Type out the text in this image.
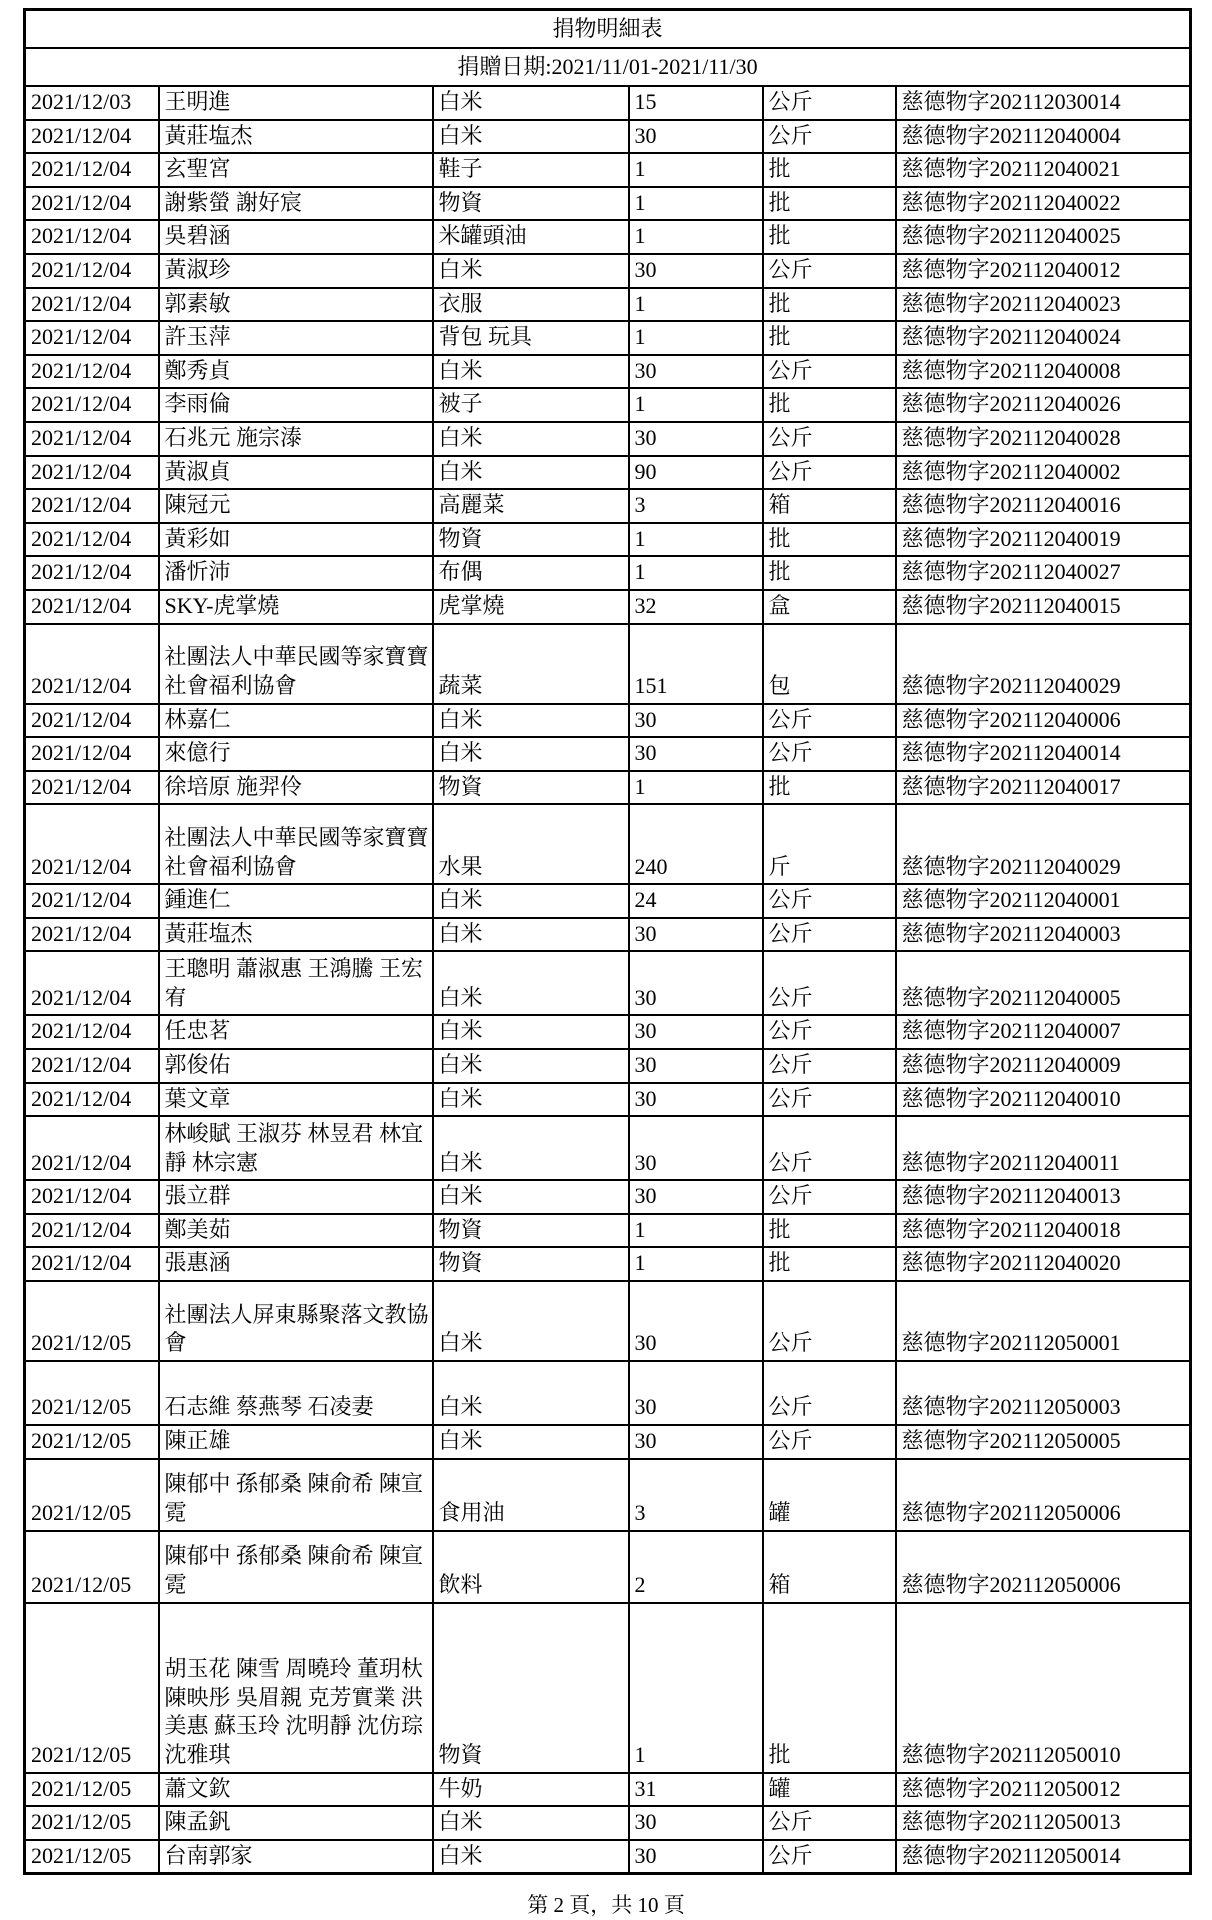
捐物明細表					
捐贈日期:2021/11/01-2021/11/30					
2021/12/03	王明進	白米	15	公斤	慈德物字202112030014
2021/12/04	黃莊塩杰	白米	30	公斤	慈德物字202112040004
2021/12/04	玄聖宮	鞋子	1	批	慈德物字202112040021
2021/12/04	謝紫螢 謝好宸	物資	1	批	慈德物字202112040022
2021/12/04	吳碧涵	米罐頭油	1	批	慈德物字202112040025
2021/12/04	黃淑珍	白米	30	公斤	慈德物字202112040012
2021/12/04	郭素敏	衣服	1	批	慈德物字202112040023
2021/12/04	許玉萍	背包 玩具	1	批	慈德物字202112040024
2021/12/04	鄭秀貞	白米	30	公斤	慈德物字202112040008
2021/12/04	李雨倫	被子	1	批	慈德物字202112040026
2021/12/04	石兆元 施宗溙	白米	30	公斤	慈德物字202112040028
2021/12/04	黃淑貞	白米	90	公斤	慈德物字202112040002
2021/12/04	陳冠元	高麗菜	3	箱	慈德物字202112040016
2021/12/04	黃彩如	物資	1	批	慈德物字202112040019
2021/12/04	潘忻沛	布偶	1	批	慈德物字202112040027
2021/12/04	SKY-虎掌燒	虎掌燒	32	盒	慈德物字202112040015
2021/12/04	社團法人中華民國等家寶寶社會福利協會	蔬菜	151	包	慈德物字202112040029
2021/12/04	林嘉仁	白米	30	公斤	慈德物字202112040006
2021/12/04	來億行	白米	30	公斤	慈德物字202112040014
2021/12/04	徐培原 施羿伶	物資	1	批	慈德物字202112040017
2021/12/04	社團法人中華民國等家寶寶社會福利協會	水果	240	斤	慈德物字202112040029
2021/12/04	鍾進仁	白米	24	公斤	慈德物字202112040001
2021/12/04	黃莊塩杰	白米	30	公斤	慈德物字202112040003
2021/12/04	王聰明 蕭淑惠 王鴻騰 王宏宥	白米	30	公斤	慈德物字202112040005
2021/12/04	任忠茗	白米	30	公斤	慈德物字202112040007
2021/12/04	郭俊佑	白米	30	公斤	慈德物字202112040009
2021/12/04	葉文章	白米	30	公斤	慈德物字202112040010
2021/12/04	林峻賦 王淑芬 林昱君 林宜靜 林宗憲	白米	30	公斤	慈德物字202112040011
2021/12/04	張立群	白米	30	公斤	慈德物字202112040013
2021/12/04	鄭美茹	物資	1	批	慈德物字202112040018
2021/12/04	張惠涵	物資	1	批	慈德物字202112040020
2021/12/05	社團法人屏東縣聚落文教協會	白米	30	公斤	慈德物字202112050001
2021/12/05	石志維 蔡燕琴 石凌妻	白米	30	公斤	慈德物字202112050003
2021/12/05	陳正雄	白米	30	公斤	慈德物字202112050005
2021/12/05	陳郁中 孫郁桑 陳俞希 陳宣霓	食用油	3	罐	慈德物字202112050006
2021/12/05	陳郁中 孫郁桑 陳俞希 陳宣霓	飲料	2	箱	慈德物字202112050006
2021/12/05	胡玉花 陳雪 周曉玲 董玥杕 陳映彤 吳眉親 克芳實業 洪美惠 蘇玉玲 沈明靜 沈仿琮 沈雅琪	物資	1	批	慈德物字202112050010
2021/12/05	蕭文欽	牛奶	31	罐	慈德物字202112050012
2021/12/05	陳孟釩	白米	30	公斤	慈德物字202112050013
2021/12/05	台南郭家	白米	30	公斤	慈德物字202112050014
第 2 頁，共 10 頁
